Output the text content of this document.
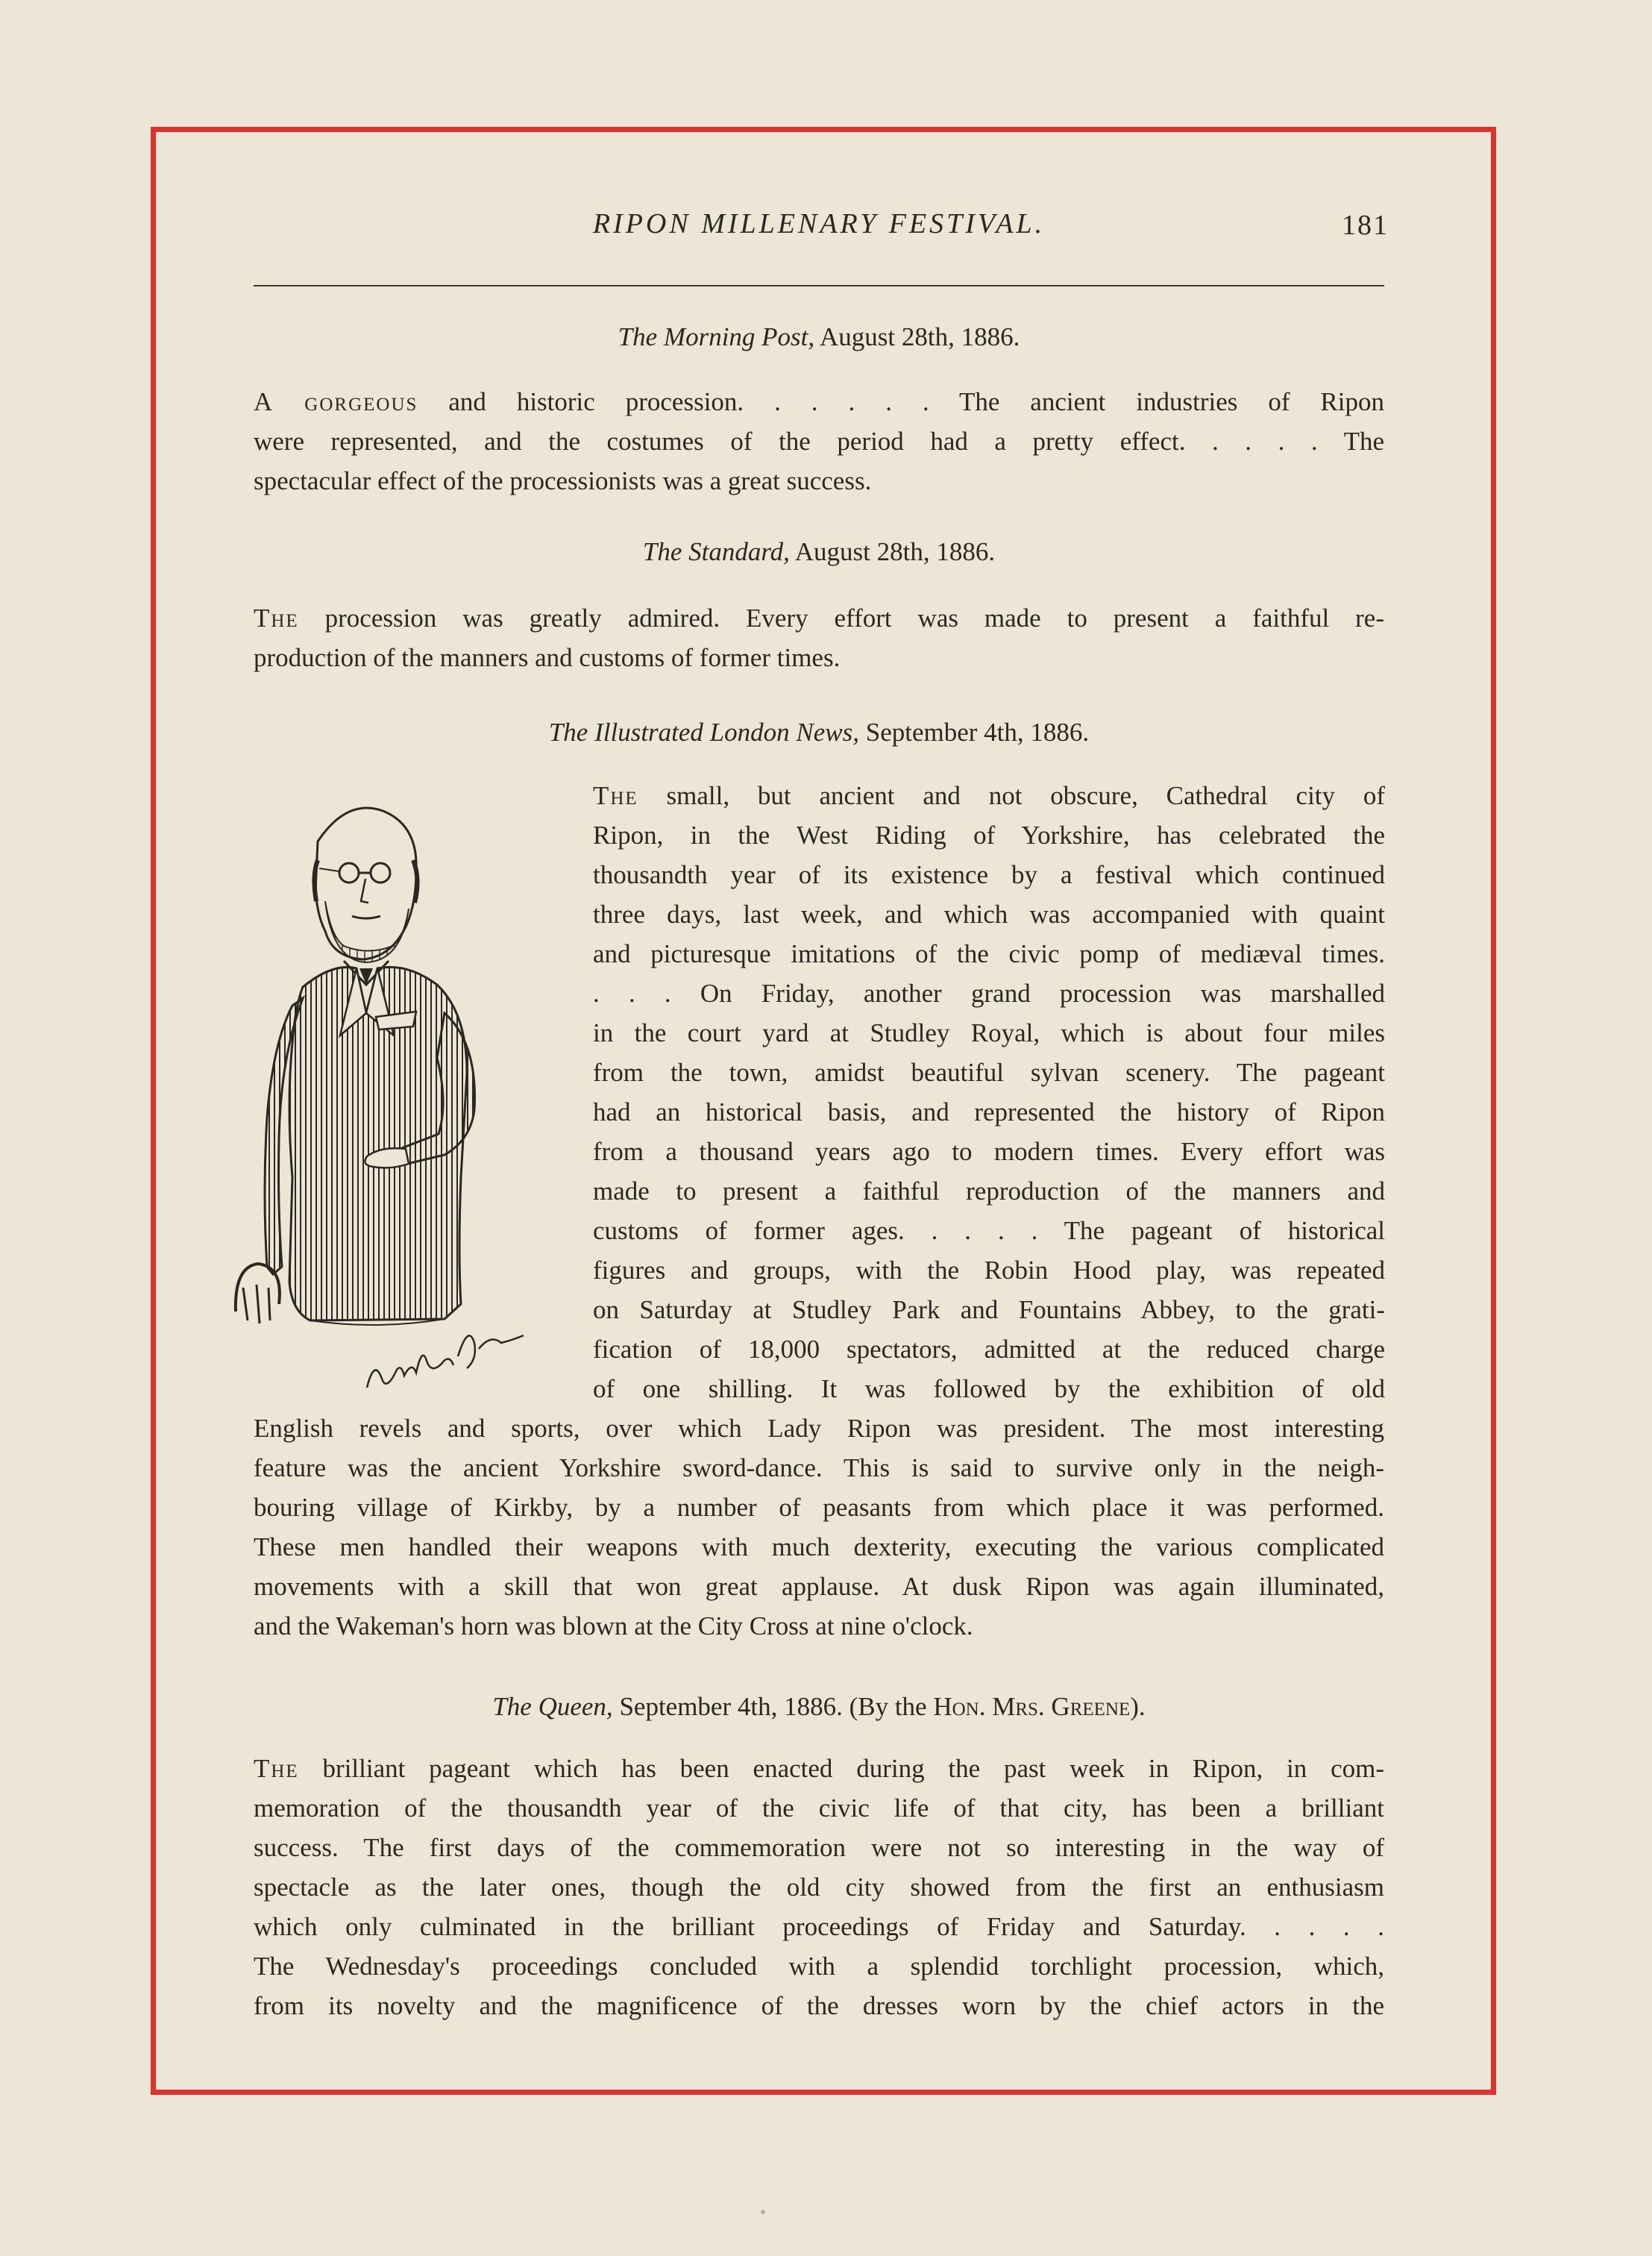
RIPON MILLENARY FESTIVAL.	181
The Morning Post, August 28th, 1886.
A gorgeous and historic procession. . . . . . The ancient industries of Ripon
were represented, and the costumes of the period had a pretty effect. . . . . The
spectacular effect of the processionists was a great success.
The Standard, August 28th, 1886.
The procession was greatly admired. Every effort was made to present a faithful re-
production of the manners and customs of former times.
The Illustrated London News, September 4th, 1886.
The small, but ancient and not obscure, Cathedral city of
Ripon, in the West Riding of Yorkshire, has celebrated the
thousandth year of its existence by a festival which continued
three days, last week, and which was accompanied with quaint
and picturesque imitations of the civic pomp of mediæval times.
. . . On Friday, another grand procession was marshalled
in the court yard at Studley Royal, which is about four miles
from the town, amidst beautiful sylvan scenery. The pageant
had an historical basis, and represented the history of Ripon
from a thousand years ago to modern times. Every effort was
made to present a faithful reproduction of the manners and
customs of former ages. . . . . The pageant of historical
figures and groups, with the Robin Hood play, was repeated
on Saturday at Studley Park and Fountains Abbey, to the grati-
fication of 18,000 spectators, admitted at the reduced charge
of one shilling. It was followed by the exhibition of old
English revels and sports, over which Lady Ripon was president. The most interesting
feature was the ancient Yorkshire sword-dance. This is said to survive only in the neigh-
bouring village of Kirkby, by a number of peasants from which place it was performed.
These men handled their weapons with much dexterity, executing the various complicated
movements with a skill that won great applause. At dusk Ripon was again illuminated,
and the Wakeman's horn was blown at the City Cross at nine o'clock.
The Queen, September 4th, 1886. (By the Hon. Mrs. Greene).
The brilliant pageant which has been enacted during the past week in Ripon, in com-
memoration of the thousandth year of the civic life of that city, has been a brilliant
success. The first days of the commemoration were not so interesting in the way of
spectacle as the later ones, though the old city showed from the first an enthusiasm
which only culminated in the brilliant proceedings of Friday and Saturday. . . . .
The Wednesday's proceedings concluded with a splendid torchlight procession, which,
from its novelty and the magnificence of the dresses worn by the chief actors in the
